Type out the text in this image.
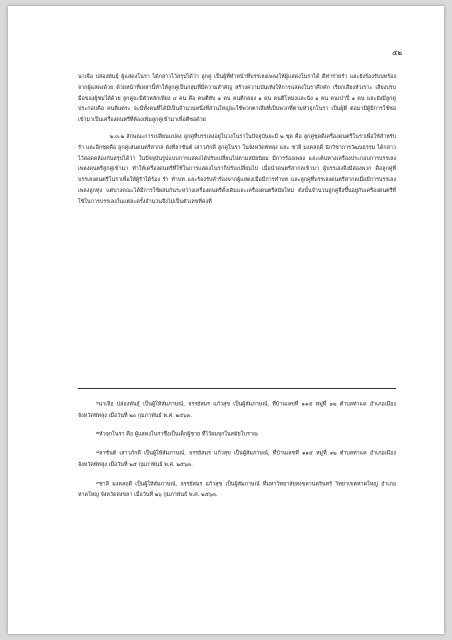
๕๒

นาเจือ ปล่องพันธุ์ ผู้แสดงโนรา ได้กล่าวไว้สรุปได้ว่า ลูกคู่ เป็นผู้ที่ทำหน้าที่บรรเลงเพลงให้ผู้แสดงโนราได้ ดีท่าร่ายรำ และยังร้องรับบทร้องจากผู้แสดงด้วย ด้วยหน้าที่เหล่านี้ทำให้ลูกคู่เป็นกลุ่มที่มีความสำคัญ สร้างความบันเทิงให้การแสดงโนราคึกคัก เรียกเสียงหัวเราะ เสียงปรบมือของผู้ชมได้ด้วย ลูกคู่จะมีตัวหลักเพียง ๔ คน คือ คนตีทับ ๑ คน คนตีกลอง ๑ คน คนตีโหม่งและฉิ่ง ๑ คน คนเป่าปี่ ๑ คน และยังมีลูกคู่ประกอบคือ คนตีแตระ จะมีทั้งคนที่ได้มีเป็นจำนวนหนึ่งที่ส่วนใหญ่จะใช้พวกตาเสียที่เป็นพวกที่ตามหัวจุกโนรา เป็นผู้ตี ต่อมามีผู้มีการใช้ซอเข้ามาเป็นเครื่องดนตรีที่ต้องเพิ่มลูกคู่เข้ามาเพื่อตีซอด้วย

๒.๓.๒ ลักษณะการเปลี่ยนแปลง ลูกคู่ที่บรรเลงอยู่ในวงโนราในปัจจุบันจะมี ๒ ชุด คือ ลูกคู่ชุดดีเครื่องดนตรีโนราเพื่อใช้สำหรับรำ และอีกชุดคือ ลูกคู่เล่นดนตรีสากล ดังที่ลาซันต์ เสาวภักดี ลูกคู่โนรา ในจังหวัดพัทลุง และ ชาลี มงคลฤดี นักวิชาการวัฒนธรรม ได้กล่าวไว้สอดคล้องกันสรุปได้ว่า ในปัจจุบันรูปแบบการแสดงได้ปรับเปลี่ยนไปตามสมัยนิยม มีการร้องเพลง และเต้นทางเครื่องประกอบการบรรเลงเพลงดนตรีลูกคู่เข้ามา ทำให้เครื่องดนตรีที่ใช้ในการแสดงโนราก็ปรับเปลี่ยนไป เมื่อนำดนตรีสากลเข้ามา ผู้บรรเลงจึงมีสองพวก คือลูกคู่ที่บรรเลงดนตรีโนราเพื่อให้ผู้รำได้ร้อง รำ ทำบท และร้องรับคำร้องจากผู้แสดงเมื่อมีการทำบท และลูกคู่ที่บรรเลงดนตรีสากลเมื่อมีการบรรเลงเพลงลูกทุ่ง แต่บางคณะได้มีการใช้ผสมกันระหว่างเครื่องดนตรีดั้งเดิมและเครื่องดนตรีสมัยใหม่ ดังนั้นจำนวนลูกคู่จึงขึ้นอยู่กับเครื่องดนตรีที่ใช้ในการบรรเลงในแต่ละครั้งจำนวนจึงไม่เป็นตัวเลขที่คงที่

$^๖$นาเจือ ปล่องพันธุ์ เป็นผู้ให้สัมภาษณ์, จรรยัสมร แก้วสุข เป็นผู้สัมภาษณ์, ที่บ้านเลขที่ ๑๑๕ หมู่ที่ ๑๒ ตำบลท่าแค อำเภอเมือง จังหวัดพัทลุง เมื่อวันที่ ๒๐ กุมภาพันธ์ พ.ศ. ๒๕๖๓.

$^๗$หัวจุกโนรา คือ ผู้แสดงโนราซึ่งเป็นเด็กผู้ชาย ที่ไว้ผมจุกในสมัยโบราณ

$^๘$ลาซันต์ เสาวภักดี เป็นผู้ให้สัมภาษณ์, จรรยัสมร แก้วสุข เป็นผู้สัมภาษณ์, ที่บ้านเลขที่ ๑๑๕ หมู่ที่ ๑๒ ตำบลท่าแค อำเภอเมือง จังหวัดพัทลุง เมื่อวันที่ ๒๕ กุมภาพันธ์ พ.ศ. ๒๕๖๓.

$^๙$ชาลี มงคลฤดี เป็นผู้ให้สัมภาษณ์, จรรยัสมร แก้วสุข เป็นผู้สัมภาษณ์ ที่มหาวิทยาลัยสงขลานครินทร์ วิทยาเขตหาดใหญ่ อำเภอหาดใหญ่ จังหวัดสงขลา เมื่อวันที่ ๒๖ กุมภาพันธ์ พ.ศ. ๒๕๖๓.
